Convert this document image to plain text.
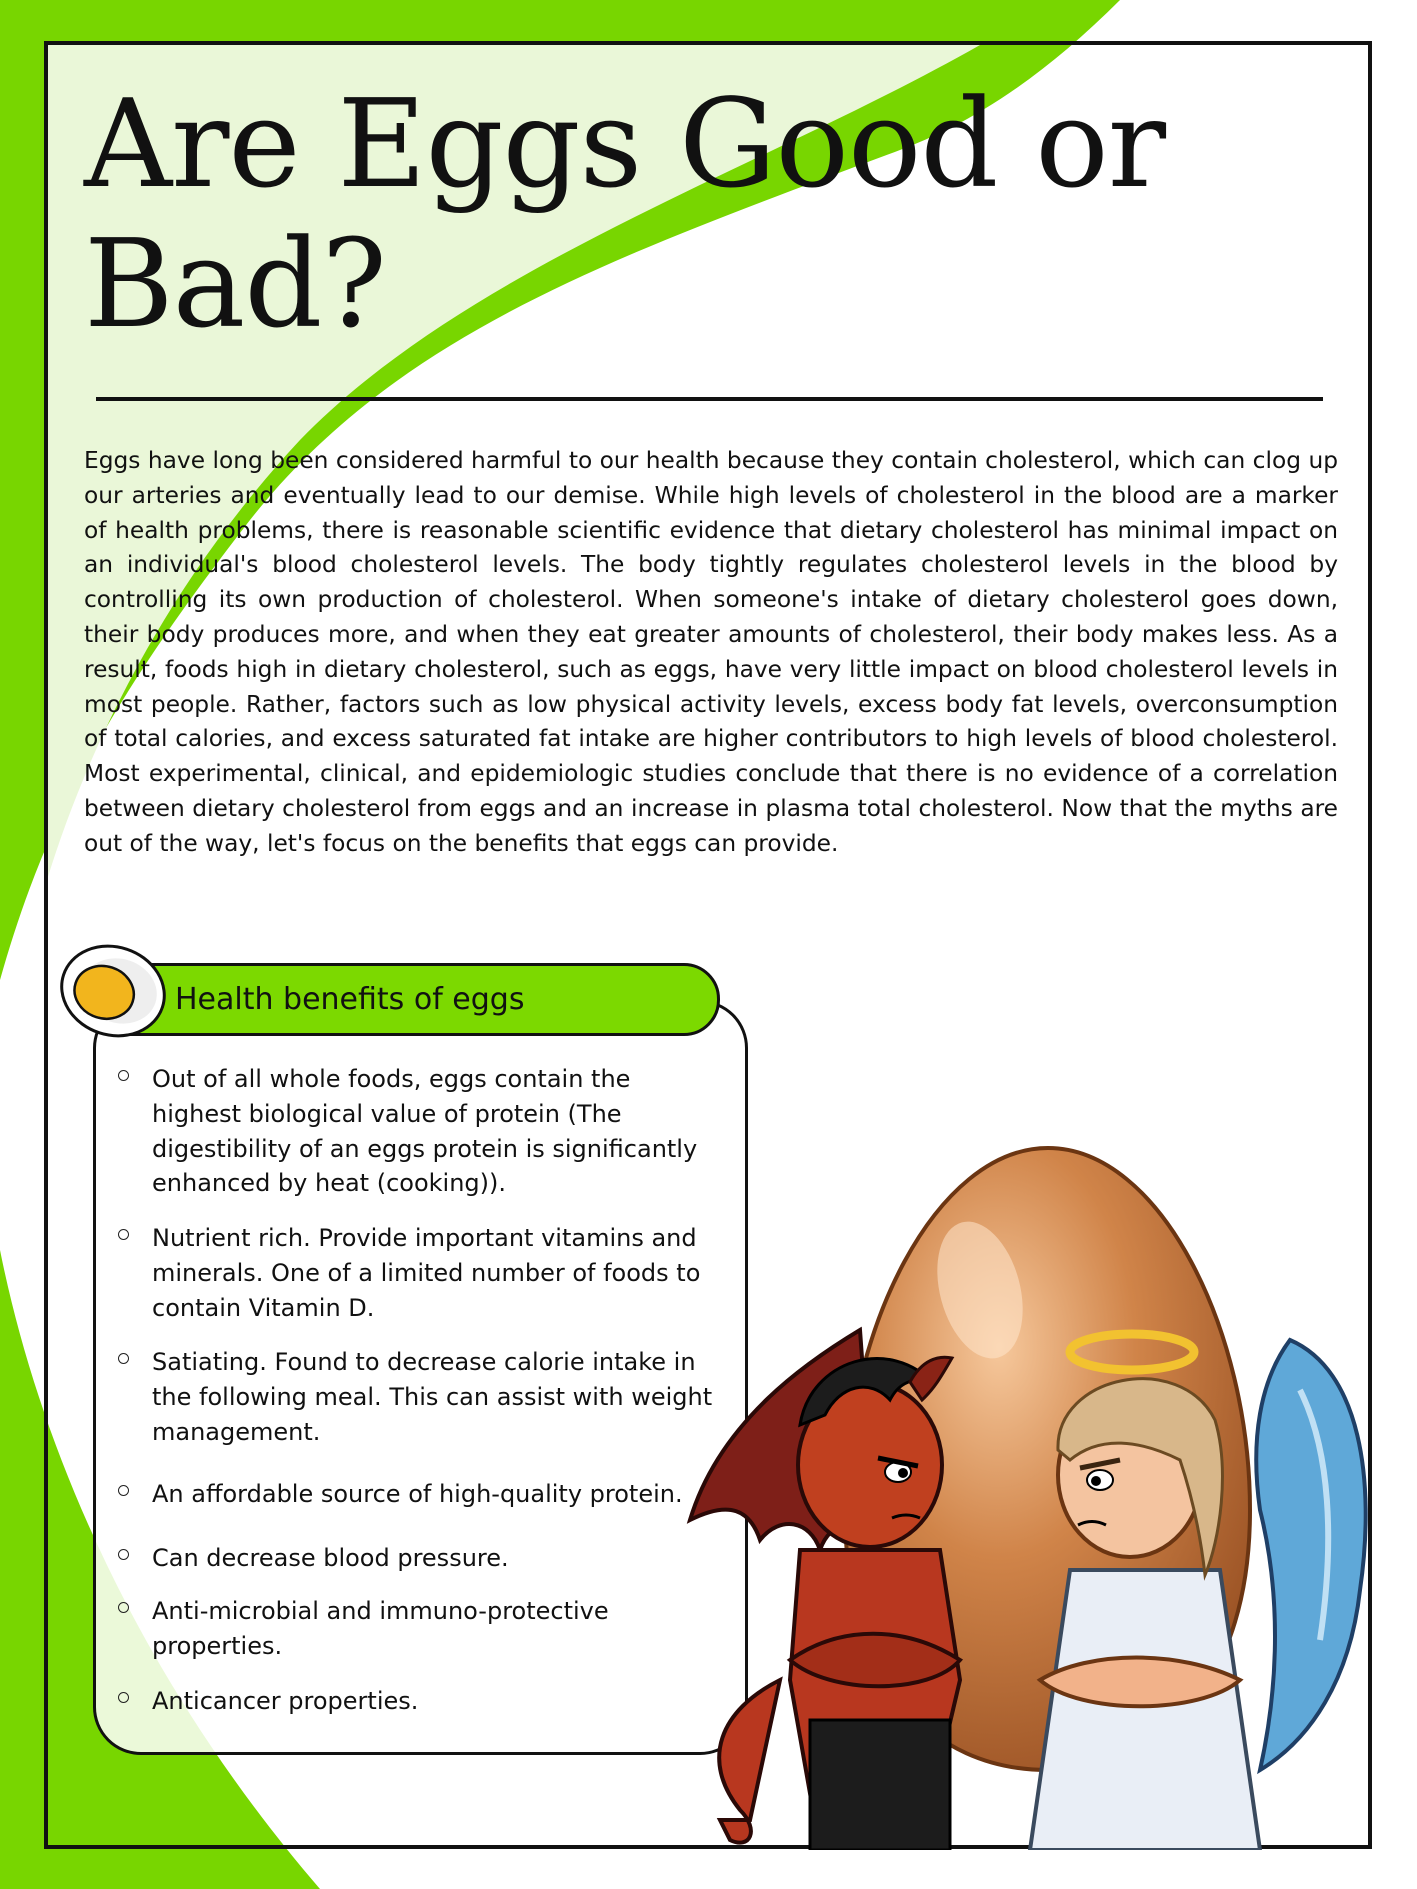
Are Eggs Good or Bad?

Eggs have long been considered harmful to our health because they contain cholesterol, which can clog up our arteries and eventually lead to our demise. While high levels of cholesterol in the blood are a marker of health problems, there is reasonable scientific evidence that dietary cholesterol has minimal impact on an individual's blood cholesterol levels. The body tightly regulates cholesterol levels in the blood by controlling its own production of cholesterol. When someone's intake of dietary cholesterol goes down, their body produces more, and when they eat greater amounts of cholesterol, their body makes less. As a result, foods high in dietary cholesterol, such as eggs, have very little impact on blood cholesterol levels in most people. Rather, factors such as low physical activity levels, excess body fat levels, overconsumption of total calories, and excess saturated fat intake are higher contributors to high levels of blood cholesterol. Most experimental, clinical, and epidemiologic studies conclude that there is no evidence of a correlation between dietary cholesterol from eggs and an increase in plasma total cholesterol. Now that the myths are out of the way, let's focus on the benefits that eggs can provide.

Health benefits of eggs
Out of all whole foods, eggs contain the highest biological value of protein (The digestibility of an eggs protein is significantly enhanced by heat (cooking)).
Nutrient rich. Provide important vitamins and minerals. One of a limited number of foods to contain Vitamin D.
Satiating. Found to decrease calorie intake in the following meal. This can assist with weight management.
An affordable source of high-quality protein.
Can decrease blood pressure.
Anti-microbial and immuno-protective properties.
Anticancer properties.
